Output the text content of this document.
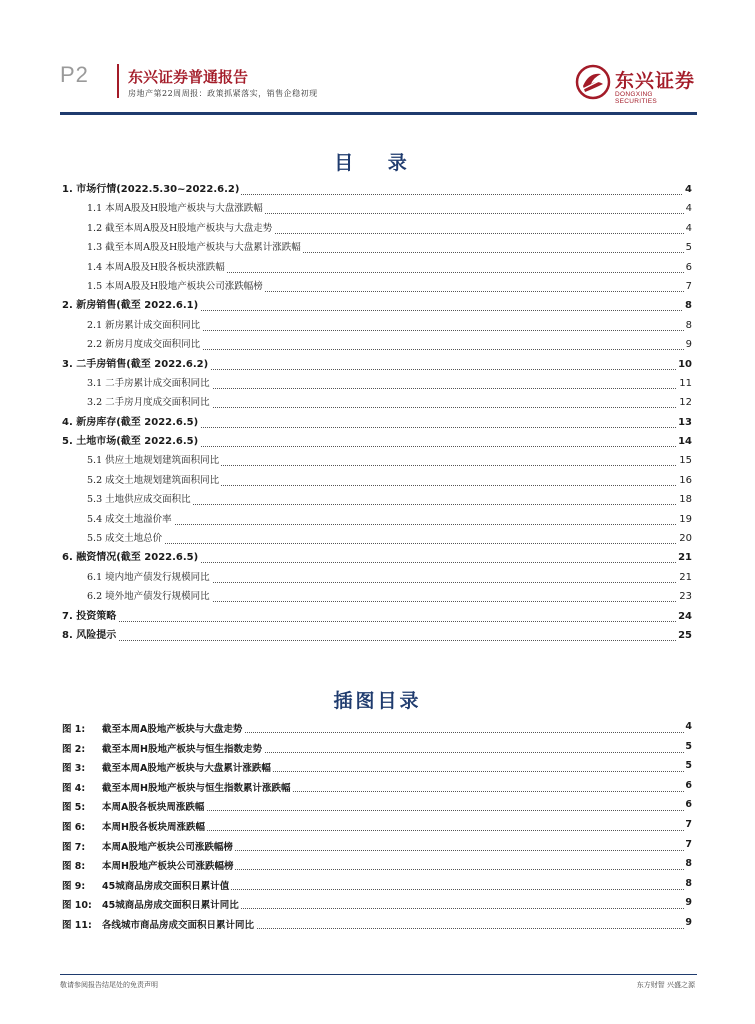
P2	东兴证券普通报告
房地产第22周周报：政策抓紧落实，销售企稳初现
东兴证券
DONGXING SECURITIES
目 录
1. 市场行情(2022.5.30~2022.6.2)	4
1.1 本周A股及H股地产板块与大盘涨跌幅	4
1.2 截至本周A股及H股地产板块与大盘走势	4
1.3 截至本周A股及H股地产板块与大盘累计涨跌幅	5
1.4 本周A股及H股各板块涨跌幅	6
1.5 本周A股及H股地产板块公司涨跌幅榜	7
2. 新房销售(截至 2022.6.1)	8
2.1 新房累计成交面积同比	8
2.2 新房月度成交面积同比	9
3. 二手房销售(截至 2022.6.2)	10
3.1 二手房累计成交面积同比	11
3.2 二手房月度成交面积同比	12
4. 新房库存(截至 2022.6.5)	13
5. 土地市场(截至 2022.6.5)	14
5.1 供应土地规划建筑面积同比	15
5.2 成交土地规划建筑面积同比	16
5.3 土地供应成交面积比	18
5.4 成交土地溢价率	19
5.5 成交土地总价	20
6. 融资情况(截至 2022.6.5)	21
6.1 境内地产债发行规模同比	21
6.2 境外地产债发行规模同比	23
7. 投资策略	24
8. 风险提示	25
插图目录
图 1:	截至本周A股地产板块与大盘走势	4
图 2:	截至本周H股地产板块与恒生指数走势	5
图 3:	截至本周A股地产板块与大盘累计涨跌幅	5
图 4:	截至本周H股地产板块与恒生指数累计涨跌幅	6
图 5:	本周A股各板块周涨跌幅	6
图 6:	本周H股各板块周涨跌幅	7
图 7:	本周A股地产板块公司涨跌幅榜	7
图 8:	本周H股地产板块公司涨跌幅榜	8
图 9:	45城商品房成交面积日累计值	8
图 10:	45城商品房成交面积日累计同比	9
图 11:	各线城市商品房成交面积日累计同比	9
敬请参阅报告结尾处的免责声明	东方财智 兴盛之源
